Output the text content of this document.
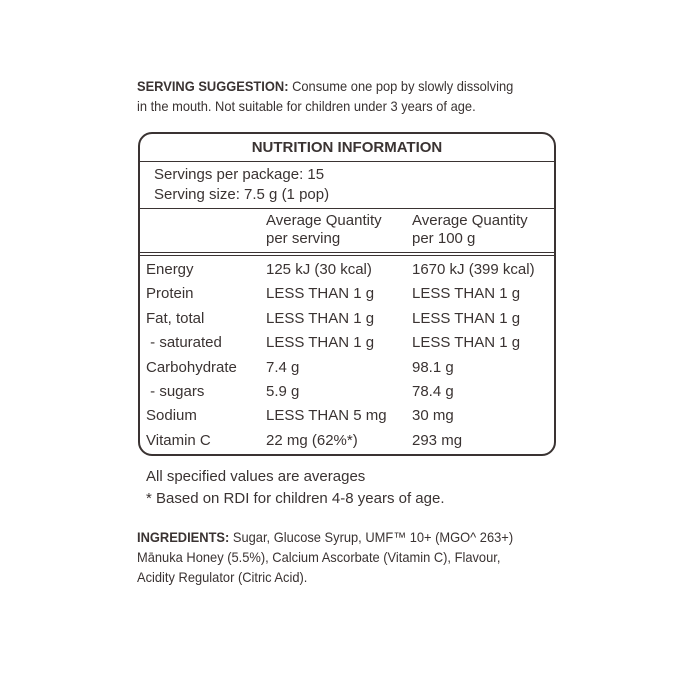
SERVING SUGGESTION: Consume one pop by slowly dissolving
in the mouth. Not suitable for children under 3 years of age.
NUTRITION INFORMATION
Servings per package: 15
Serving size: 7.5 g (1 pop)
Average Quantity
per serving
Average Quantity
per 100 g
Energy	125 kJ (30 kcal)	1670 kJ (399 kcal)
Protein	LESS THAN 1 g	LESS THAN 1 g
Fat, total	LESS THAN 1 g	LESS THAN 1 g
- saturated	LESS THAN 1 g	LESS THAN 1 g
Carbohydrate 7.4 g	98.1 g
- sugars	5.9 g	78.4 g
Sodium	LESS THAN 5 mg 30 mg
Vitamin C	22 mg (62%*)	293 mg
All specified values are averages
* Based on RDI for children 4-8 years of age.
INGREDIENTS: Sugar, Glucose Syrup, UMF™ 10+ (MGO^ 263+)
Mānuka Honey (5.5%), Calcium Ascorbate (Vitamin C), Flavour,
Acidity Regulator (Citric Acid).
